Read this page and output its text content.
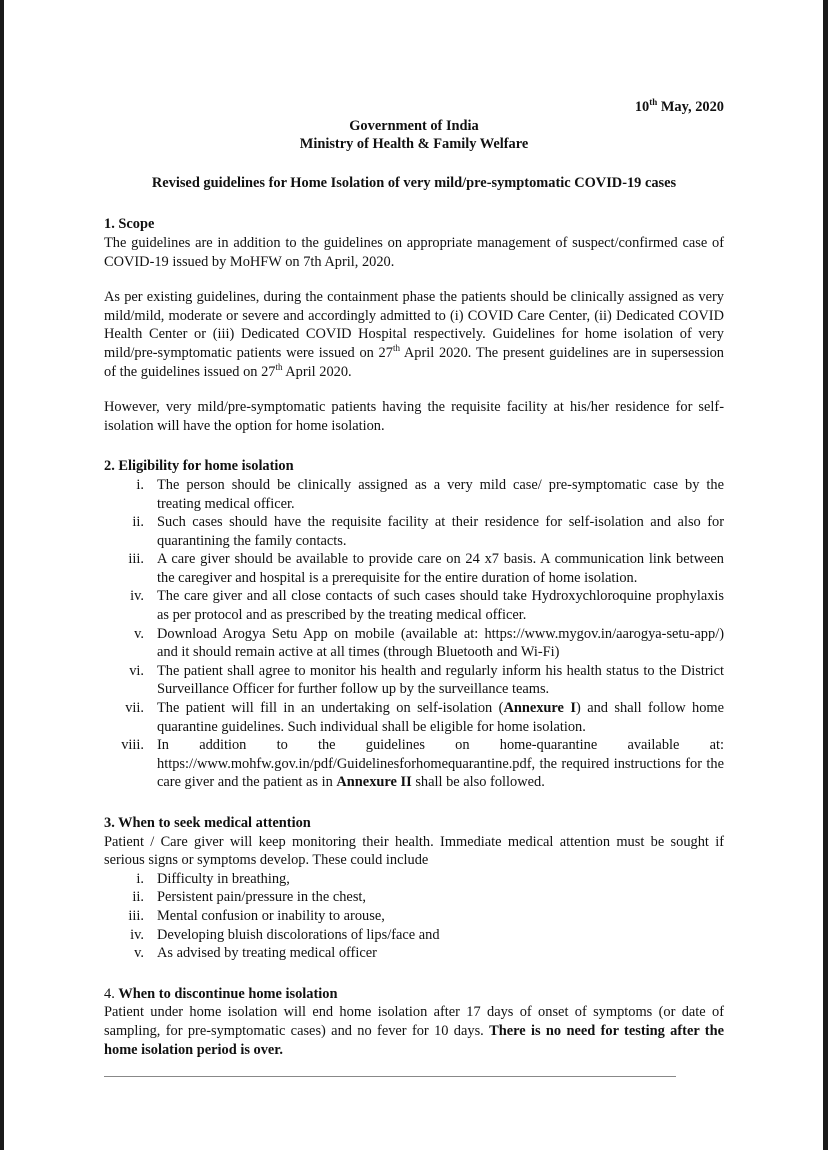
10th May, 2020
Government of India
Ministry of Health & Family Welfare
Revised guidelines for Home Isolation of very mild/pre-symptomatic COVID-19 cases
1. Scope

The guidelines are in addition to the guidelines on appropriate management of suspect/confirmed case of COVID-19 issued by MoHFW on 7th April, 2020.

As per existing guidelines, during the containment phase the patients should be clinically assigned as very mild/mild, moderate or severe and accordingly admitted to (i) COVID Care Center, (ii) Dedicated COVID Health Center or (iii) Dedicated COVID Hospital respectively. Guidelines for home isolation of very mild/pre-symptomatic patients were issued on 27th April 2020. The present guidelines are in supersession of the guidelines issued on 27th April 2020.

However, very mild/pre-symptomatic patients having the requisite facility at his/her residence for self-isolation will have the option for home isolation.

2. Eligibility for home isolation
i. The person should be clinically assigned as a very mild case/ pre-symptomatic case by the treating medical officer.
ii. Such cases should have the requisite facility at their residence for self-isolation and also for quarantining the family contacts.
iii. A care giver should be available to provide care on 24 x7 basis. A communication link between the caregiver and hospital is a prerequisite for the entire duration of home isolation.
iv. The care giver and all close contacts of such cases should take Hydroxychloroquine prophylaxis as per protocol and as prescribed by the treating medical officer.
v. Download Arogya Setu App on mobile (available at: https://www.mygov.in/aarogya-setu-app/) and it should remain active at all times (through Bluetooth and Wi-Fi)
vi. The patient shall agree to monitor his health and regularly inform his health status to the District Surveillance Officer for further follow up by the surveillance teams.
vii. The patient will fill in an undertaking on self-isolation (Annexure I) and shall follow home quarantine guidelines. Such individual shall be eligible for home isolation.
viii. In addition to the guidelines on home-quarantine available at: https://www.mohfw.gov.in/pdf/Guidelinesforhomequarantine.pdf, the required instructions for the care giver and the patient as in Annexure II shall be also followed.
3. When to seek medical attention

Patient / Care giver will keep monitoring their health. Immediate medical attention must be sought if serious signs or symptoms develop. These could include

i. Difficulty in breathing,
ii. Persistent pain/pressure in the chest,
iii. Mental confusion or inability to arouse,
iv. Developing bluish discolorations of lips/face and
v. As advised by treating medical officer
4. When to discontinue home isolation

Patient under home isolation will end home isolation after 17 days of onset of symptoms (or date of sampling, for pre-symptomatic cases) and no fever for 10 days. There is no need for testing after the home isolation period is over.
